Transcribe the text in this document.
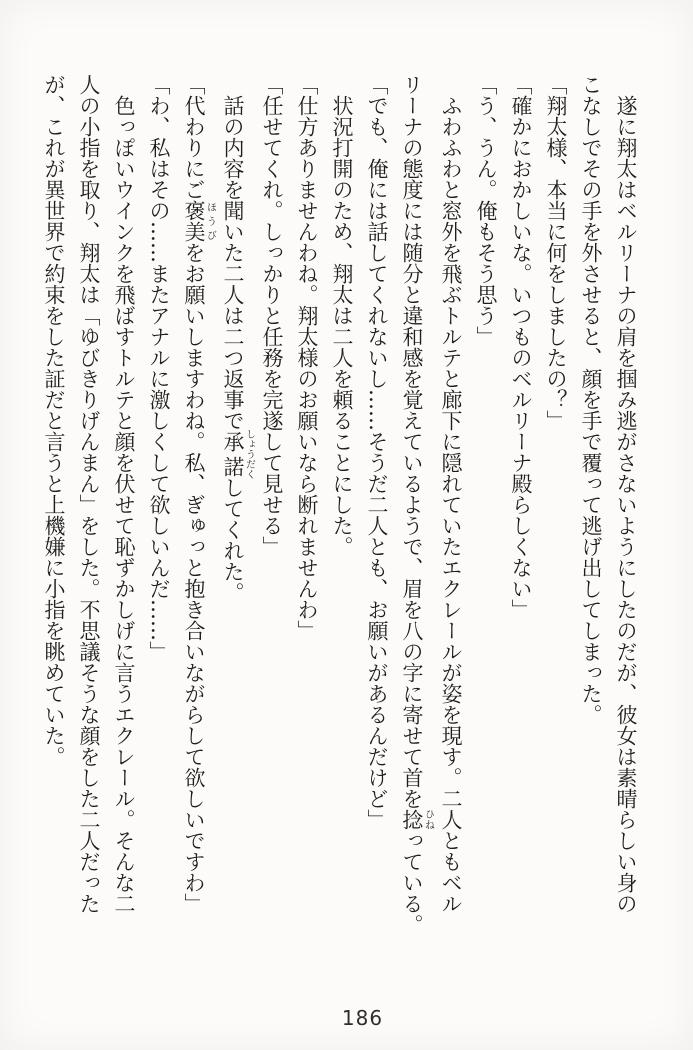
　遂に翔太はベルリーナの肩を掴み逃がさないようにしたのだが、彼女は素晴らしい身の

こなしでその手を外させると、顔を手で覆って逃げ出してしまった。

「翔太様、本当に何をしましたの？」

「確かにおかしいな。いつものベルリーナ殿らしくない」

「う、うん。俺もそう思う」

　ふわふわと窓外を飛ぶトルテと廊下に隠れていたエクレールが姿を現す。二人ともベル

リーナの態度には随分と違和感を覚えているようで、眉を八の字に寄せて首を捻ひねっている。

「でも、俺には話してくれないし……そうだ二人とも、お願いがあるんだけど」

　状況打開のため、翔太は二人を頼ることにした。

「仕方ありませんわね。翔太様のお願いなら断れませんわ」

「任せてくれ。しっかりと任務を完遂して見せる」

　話の内容を聞いた二人は二つ返事で承諾しょうだくしてくれた。

「代わりにご褒美ほうびをお願いしますわね。私、ぎゅっと抱き合いながらして欲しいですわ」

「わ、私はその……またアナルに激しくして欲しいんだ……」

　色っぽいウインクを飛ばすトルテと顔を伏せて恥ずかしげに言うエクレール。そんな二

人の小指を取り、翔太は「ゆびきりげんまん」をした。不思議そうな顔をした二人だった

が、これが異世界で約束をした証だと言うと上機嫌に小指を眺めていた。

186
